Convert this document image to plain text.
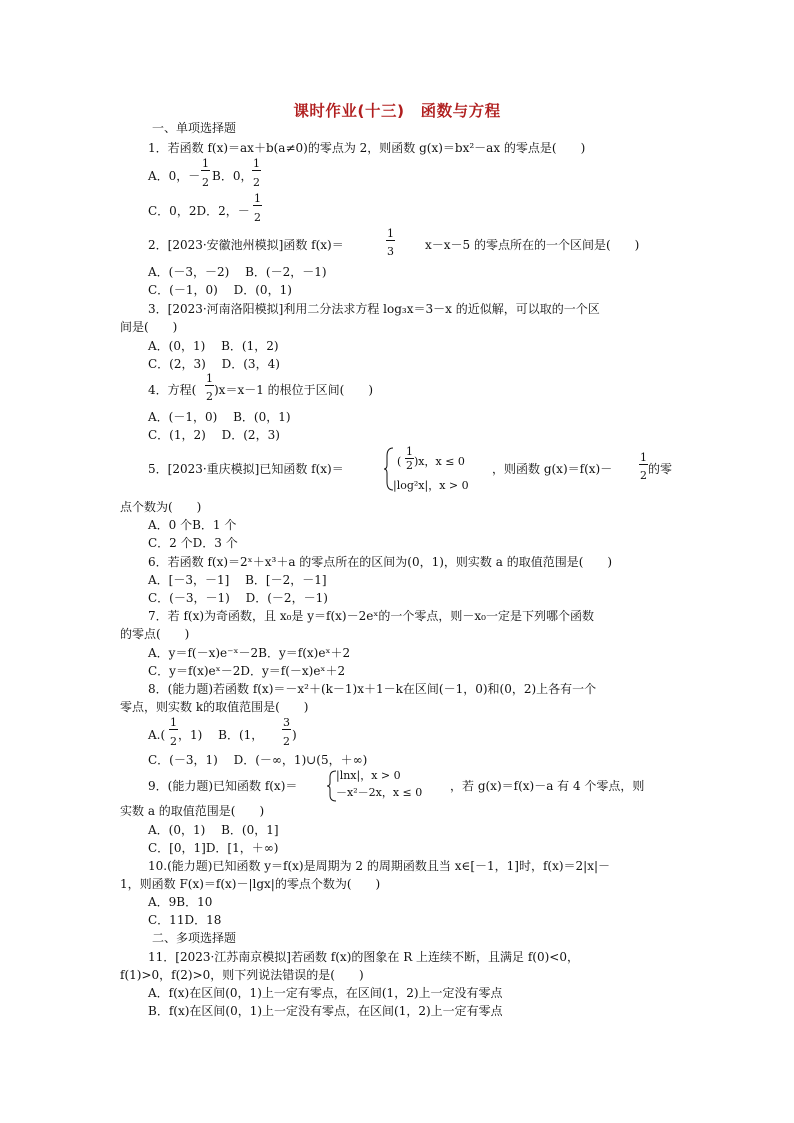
课时作业(十三)　函数与方程
一、单项选择题
1．若函数 f(x)＝ax＋b(a≠0)的零点为 2，则函数 g(x)＝bx²－ax 的零点是(　　)
A．0，－
1
2 B．0，
1
2
C．0，2D．2，－
1
2
2．[2023·安徽池州模拟]函数 f(x)＝
1
3	x－x－5 的零点所在的一个区间是(　　)
A．(－3，－2)　 B．(－2，－1)
C．(－1，0)　 D．(0，1)
3．[2023·河南洛阳模拟]利用二分法求方程 log₃x＝3－x 的近似解，可以取的一个区
间是(　　)
A．(0，1)　 B．(1，2)
C．(2，3)　 D．(3，4)
4．方程(
1
2 )x＝x－1 的根位于区间(　　)
A．(－1，0)　 B．(0，1)
C．(1，2)　 D．(2，3)
5．[2023·重庆模拟]已知函数 f(x)＝
(
1
2 )x，x ≤ 0
|log²x|，x > 0
，则函数 g(x)＝f(x)－
1
2 的零
点个数为(　　)
A．0 个B．1 个
C．2 个D．3 个
6．若函数 f(x)＝2ˣ＋x³＋a 的零点所在的区间为(0，1)，则实数 a 的取值范围是(　　)
A．[－3，－1]　 B．[－2，－1]
C．(－3，－1)　 D．(－2，－1)
7．若 f(x)为奇函数，且 x₀是 y＝f(x)－2eˣ的一个零点，则－x₀一定是下列哪个函数
的零点(　　)
A．y＝f(－x)e⁻ˣ－2B．y＝f(x)eˣ＋2
C．y＝f(x)eˣ－2D．y＝f(－x)eˣ＋2
8．(能力题)若函数 f(x)＝－x²＋(k－1)x＋1－k在区间(－1，0)和(0，2)上各有一个
零点，则实数 k的取值范围是(　　)
A.(
1
2 ，1)　 B．(1，
3
2 )
C．(－3，1)　 D．(－∞，1)∪(5，＋∞)
9．(能力题)已知函数 f(x)＝
|lnx|，x > 0
－x²－2x，x ≤ 0 ，若 g(x)＝f(x)－a 有 4 个零点，则
实数 a 的取值范围是(　　)
A．(0，1)　 B．(0，1]
C．[0，1]D．[1，＋∞)
10.(能力题)已知函数 y＝f(x)是周期为 2 的周期函数且当 x∈[－1，1]时，f(x)＝2|x|－
1，则函数 F(x)＝f(x)－|lgx|的零点个数为(　　)
A．9B．10
C．11D．18
二、多项选择题
11．[2023·江苏南京模拟]若函数 f(x)的图象在 R 上连续不断，且满足 f(0)<0，
f(1)>0，f(2)>0，则下列说法错误的是(　　)
A．f(x)在区间(0，1)上一定有零点，在区间(1，2)上一定没有零点
B．f(x)在区间(0，1)上一定没有零点，在区间(1，2)上一定有零点
